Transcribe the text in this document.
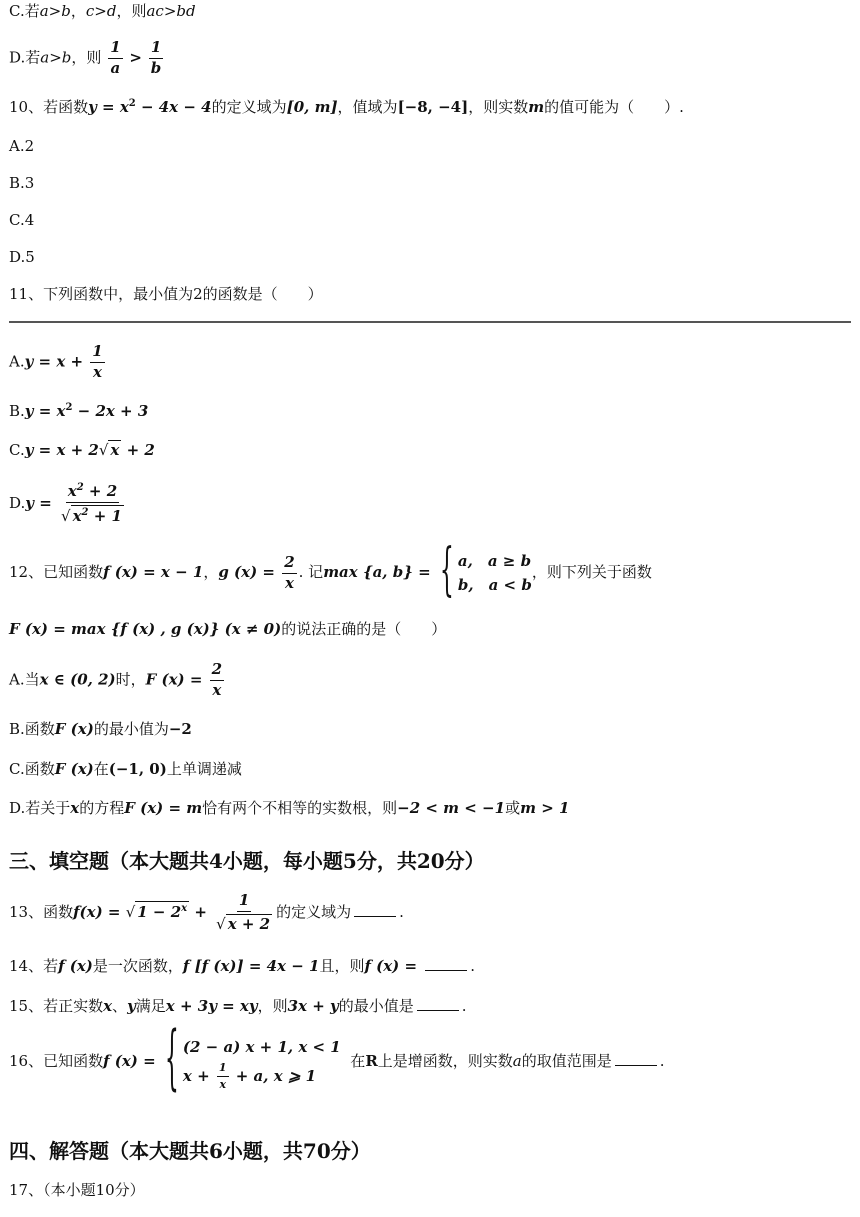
C.若a>b，c>d，则ac>bd
D.若a>b，则 $\frac{1}{a} > \frac{1}{b}$
10、若函数$y = x^2 - 4x - 4$的定义域为[0, m]，值域为[−8, −4]，则实数m的值可能为（　　）.
A.2
B.3
C.4
D.5
11、下列函数中，最小值为2的函数是（　　）
$A.y = x + \frac{1}{x}$
$B.y = x^2 - 2x + 3$
C.y = x + 2√ x + 2
$D.y = \frac{x^2 + 2}{√ x^2 + 1}$
12、已知函数f (x) = x − 1，g $(x) = \frac{2}{x}$ . 记max {a, b} = { a,　a ≥ b
b,　a < b
，则下列关于函数
F (x) = max {f (x) , g (x)} (x ≠ 0)的说法正确的是（　　）
A.当x ∈ (0, 2)时，F $(x) = \frac{2}{x}$
B.函数F (x)的最小值为−2
C.函数F (x)在(−1, 0)上单调递减
D.若关于x的方程F (x) = m恰有两个不相等的实数根，则−2 < m < −1或m > 1
三、填空题（本大题共4小题，每小题5分，共20分）
13、函数f(x) = √ $1 - 2^x + \frac{1}{√ x + 2}$ 的定义域为	.
14、若f (x)是一次函数，f [f (x)] = 4x − 1且，则f (x) =	.
15、若正实数x、y满足x + 3y = xy，则3x + y的最小值是	.
16、已知函数f (x) = { (2 − a) x + 1, x < 1
$x + \frac{1}{x} + a$, x ⩾ 1
在R上是增函数，则实数a的取值范围是	.
四、解答题（本大题共6小题，共70分）
17、（本小题10分）
